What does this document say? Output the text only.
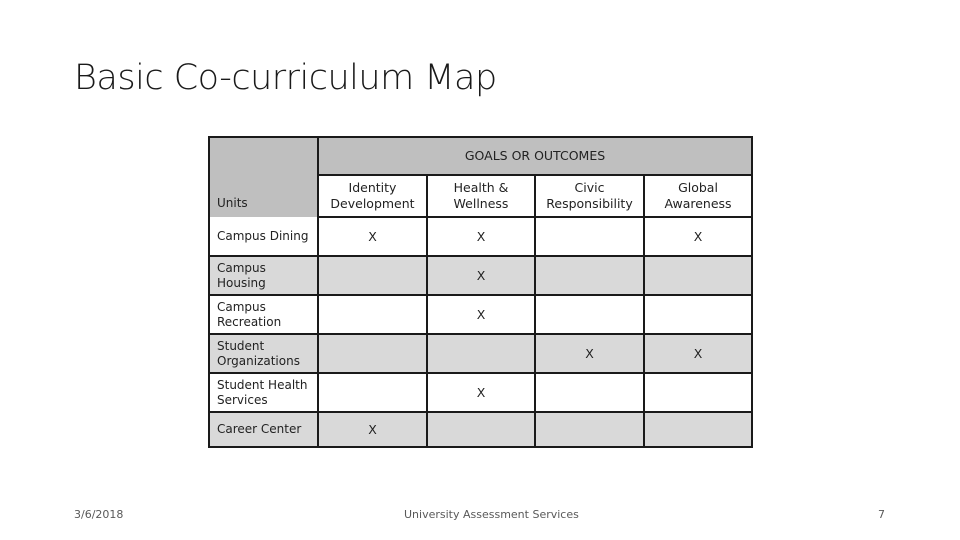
Basic Co-curriculum Map
	GOALS OR OUTCOMES			
	Identity Development	Health & Wellness	Civic Responsibility	Global Awareness

Campus Dining	X	X		X
Campus Housing		X		
Campus Recreation		X		
Student Organizations			X	X
Student Health Services		X		
Career Center	X			
3/6/2018	University Assessment Services	7
